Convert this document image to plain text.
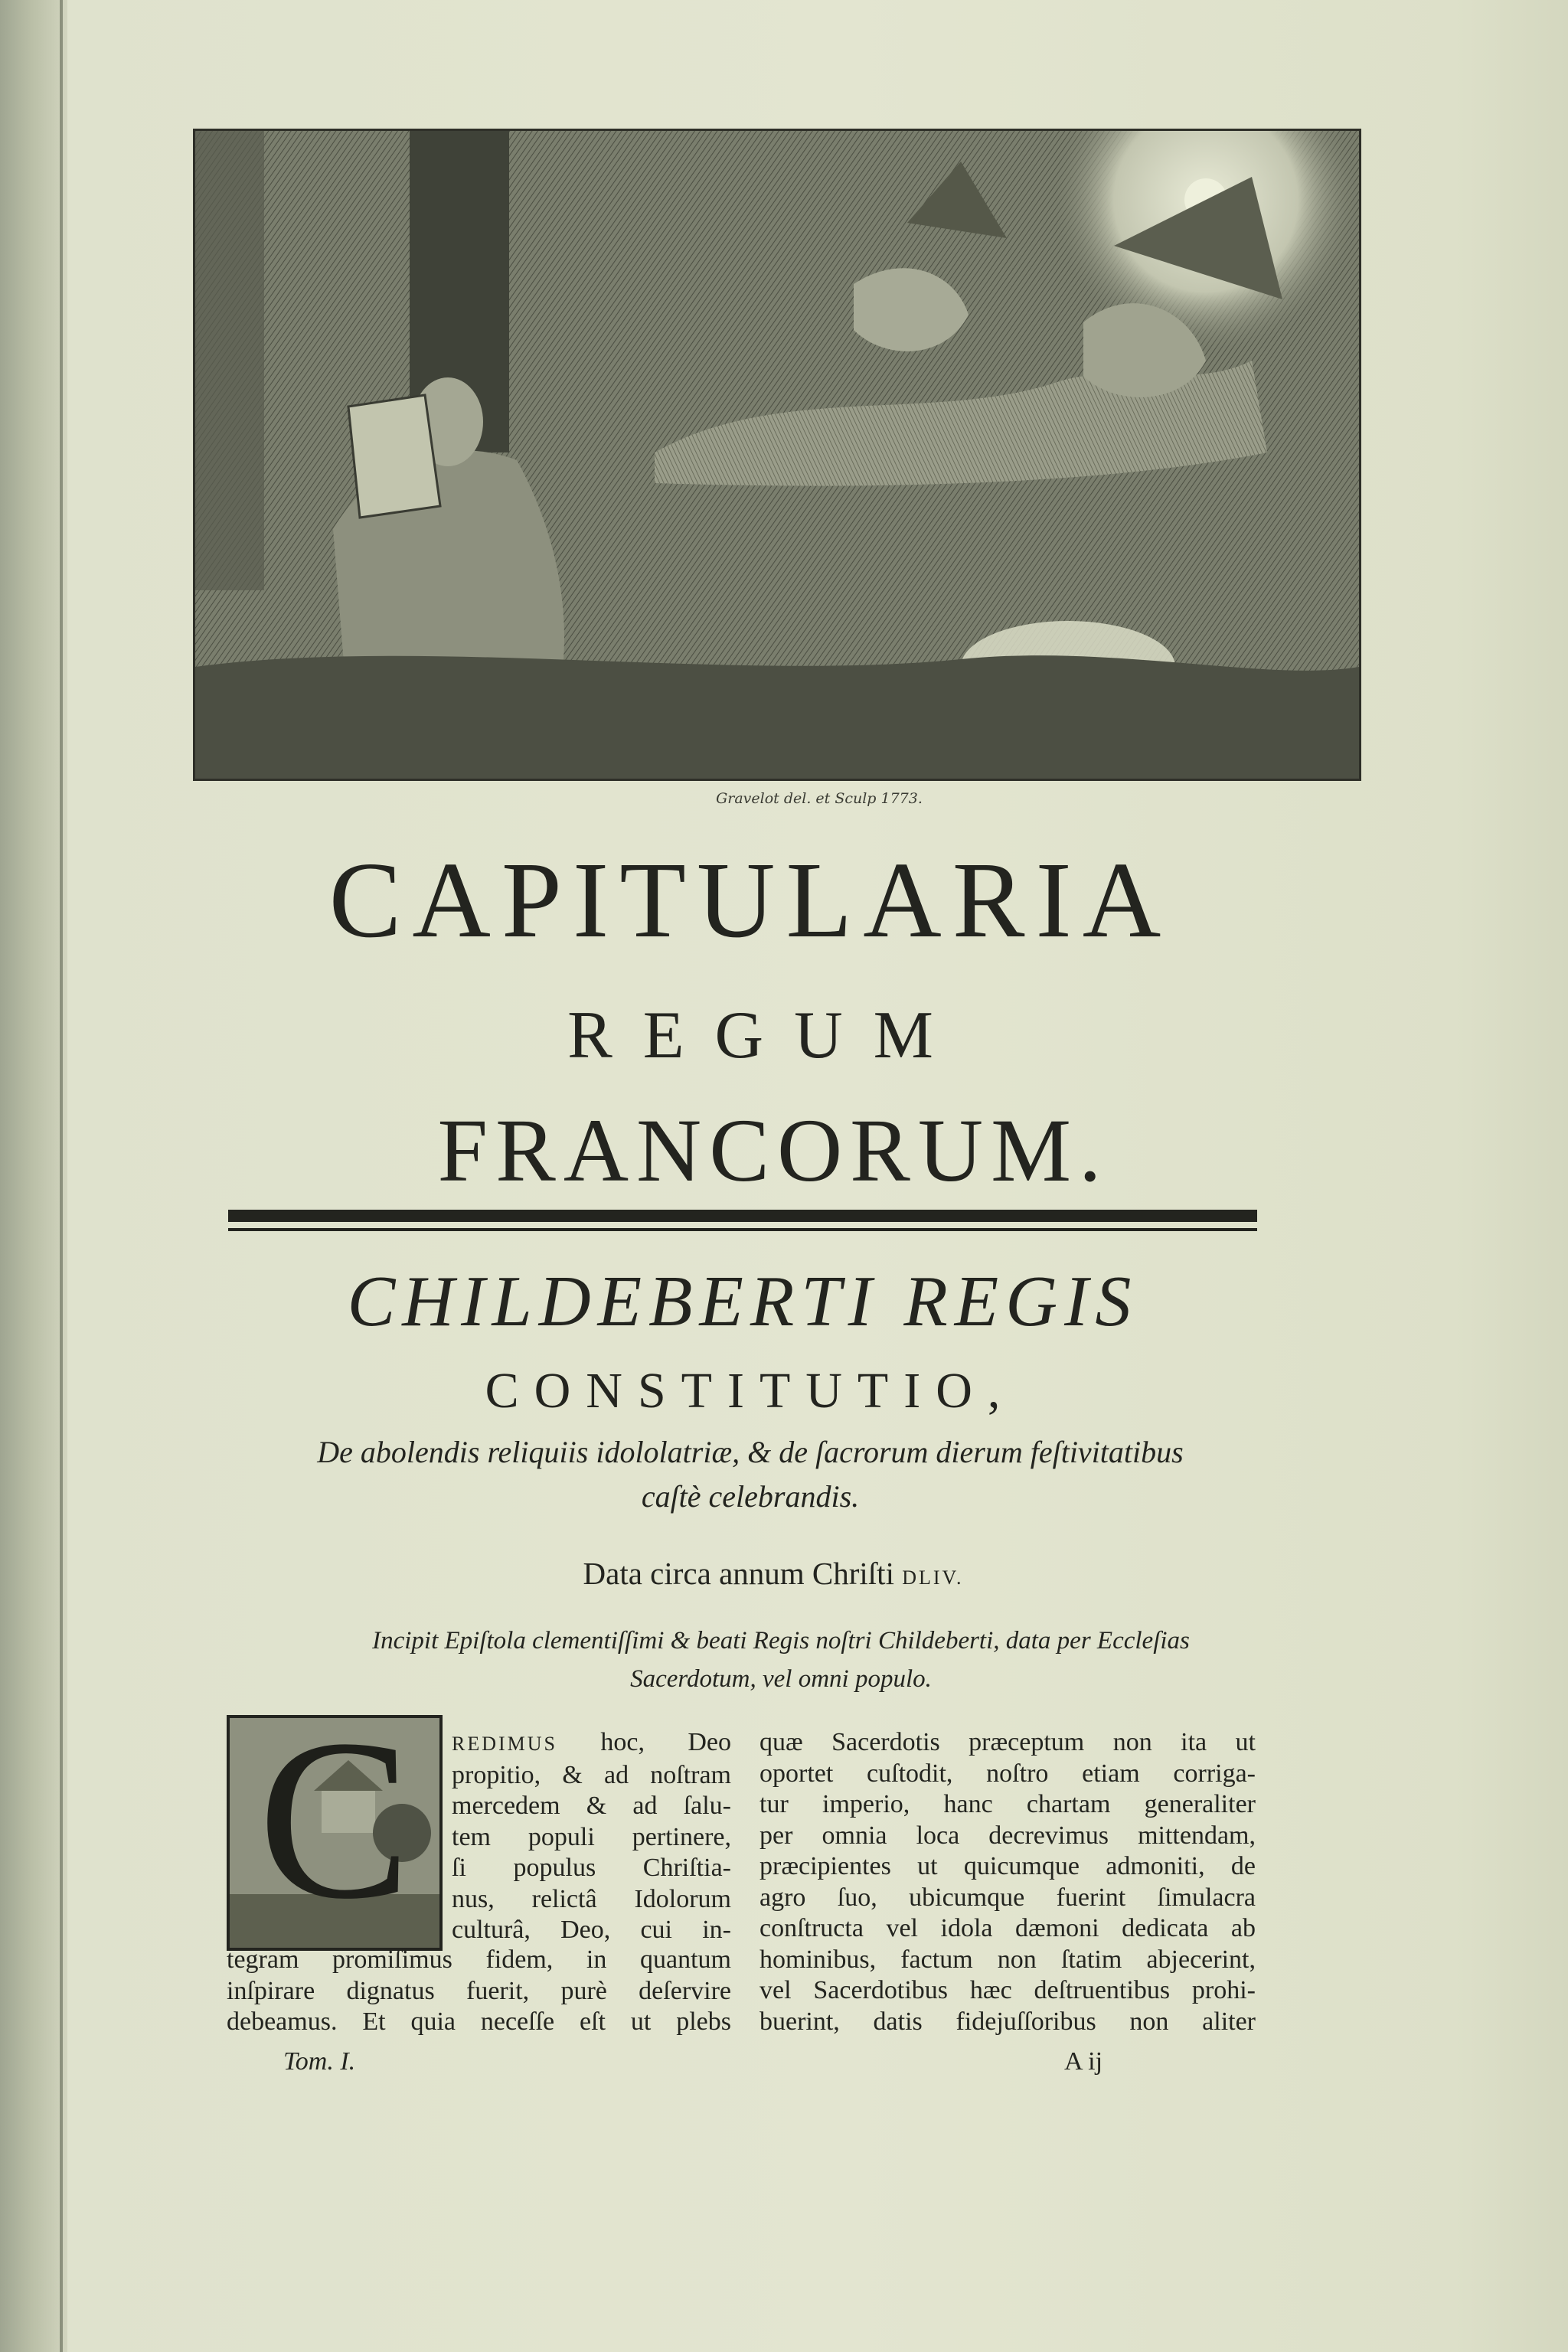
Gravelot del. et Sculp 1773.
CAPITULARIA
REGUM
FRANCORUM.
CHILDEBERTI REGIS
CONSTITUTIO,
De abolendis reliquiis idololatriæ, & de ſacrorum dierum feſtivitatibus
caſtè celebrandis.
Data circa annum Chriſti DLIV.
Incipit Epiſtola clementiſſimi & beati Regis noſtri Childeberti, data per Eccleſias
Sacerdotum, vel omni populo.
C	REDIMUS hoc, Deo
propitio, & ad noſtram
mercedem & ad ſalu-
tem populi pertinere,
ſi populus Chriſtia-
nus, relictâ Idolorum
culturâ, Deo, cui in-
tegram promiſimus fidem, in quantum
inſpirare dignatus fuerit, purè deſervire
debeamus. Et quia neceſſe eſt ut plebs
quæ Sacerdotis præceptum non ita ut
oportet cuſtodit, noſtro etiam corriga-
tur imperio, hanc chartam generaliter
per omnia loca decrevimus mittendam,
præcipientes ut quicumque admoniti, de
agro ſuo, ubicumque fuerint ſimulacra
conſtructa vel idola dæmoni dedicata ab
hominibus, factum non ſtatim abjecerint,
vel Sacerdotibus hæc deſtruentibus prohi-
buerint, datis fidejuſſoribus non aliter
Tom. I.	A ij
